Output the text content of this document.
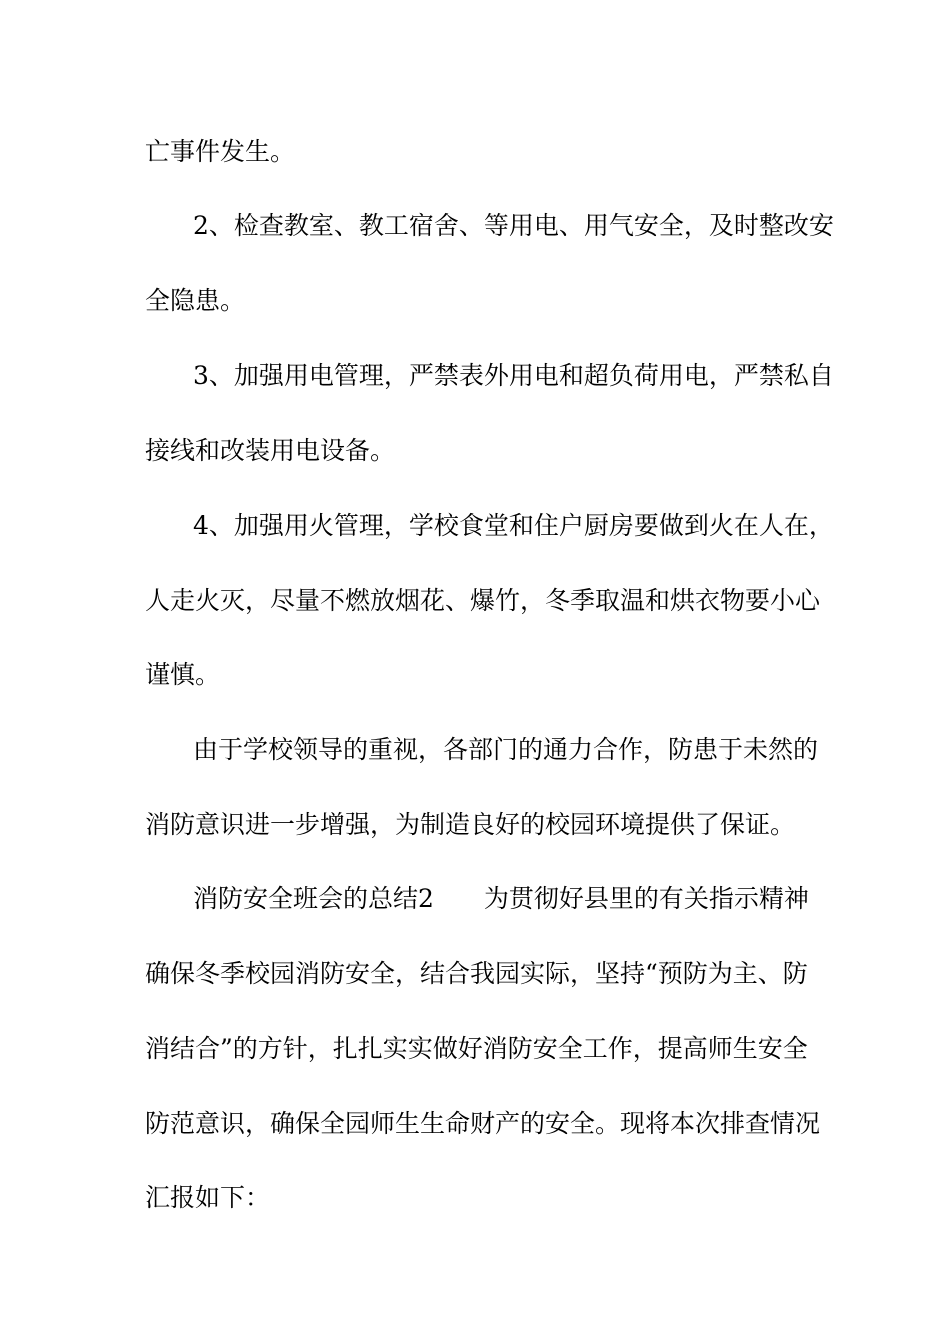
亡事件发生。
2、检查教室、教工宿舍、等用电、用气安全，及时整改安
全隐患。
3、加强用电管理，严禁表外用电和超负荷用电，严禁私自
接线和改装用电设备。
4、加强用火管理，学校食堂和住户厨房要做到火在人在，
人走火灭，尽量不燃放烟花、爆竹，冬季取温和烘衣物要小心
谨慎。
由于学校领导的重视，各部门的通力合作，防患于未然的
消防意识进一步增强，为制造良好的校园环境提供了保证。
消防安全班会的总结2 为贯彻好县里的有关指示精神
确保冬季校园消防安全，结合我园实际，坚持“预防为主、防
消结合”的方针，扎扎实实做好消防安全工作，提高师生安全
防范意识，确保全园师生生命财产的安全。现将本次排查情况
汇报如下：
